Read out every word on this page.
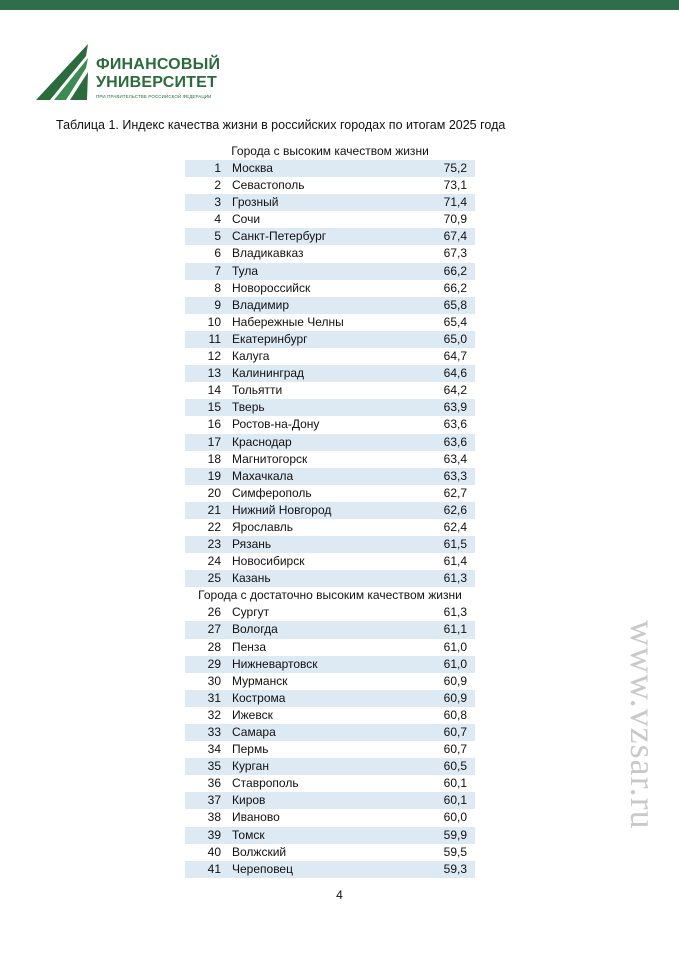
ФИНАНСОВЫЙ
УНИВЕРСИТЕТ
ПРИ ПРАВИТЕЛЬСТВЕ РОССИЙСКОЙ ФЕДЕРАЦИИ
Таблица 1. Индекс качества жизни в российских городах по итогам 2025 года
Города с высоким качеством жизни
1 Москва	75,2
2 Севастополь	73,1
3 Грозный	71,4
4 Сочи	70,9
5 Санкт-Петербург	67,4
6 Владикавказ	67,3
7 Тула	66,2
8 Новороссийск	66,2
9 Владимир	65,8
10 Набережные Челны	65,4
11 Екатеринбург	65,0
12 Калуга	64,7
13 Калининград	64,6
14 Тольятти	64,2
15 Тверь	63,9
16 Ростов-на-Дону	63,6
17 Краснодар	63,6
18 Магнитогорск	63,4
19 Махачкала	63,3
20 Симферополь	62,7
21 Нижний Новгород	62,6
22 Ярославль	62,4
23 Рязань	61,5
24 Новосибирск	61,4
25 Казань	61,3
Города с достаточно высоким качеством жизни
26 Сургут	61,3
27 Вологда	61,1
28 Пенза	61,0
29 Нижневартовск	61,0
30 Мурманск	60,9
31 Кострома	60,9
32 Ижевск	60,8
33 Самара	60,7
34 Пермь	60,7
35 Курган	60,5
36 Ставрополь	60,1
37 Киров	60,1
38 Иваново	60,0
39 Томск	59,9
40 Волжский	59,5
41 Череповец	59,3
4
www.vzsar.ru
